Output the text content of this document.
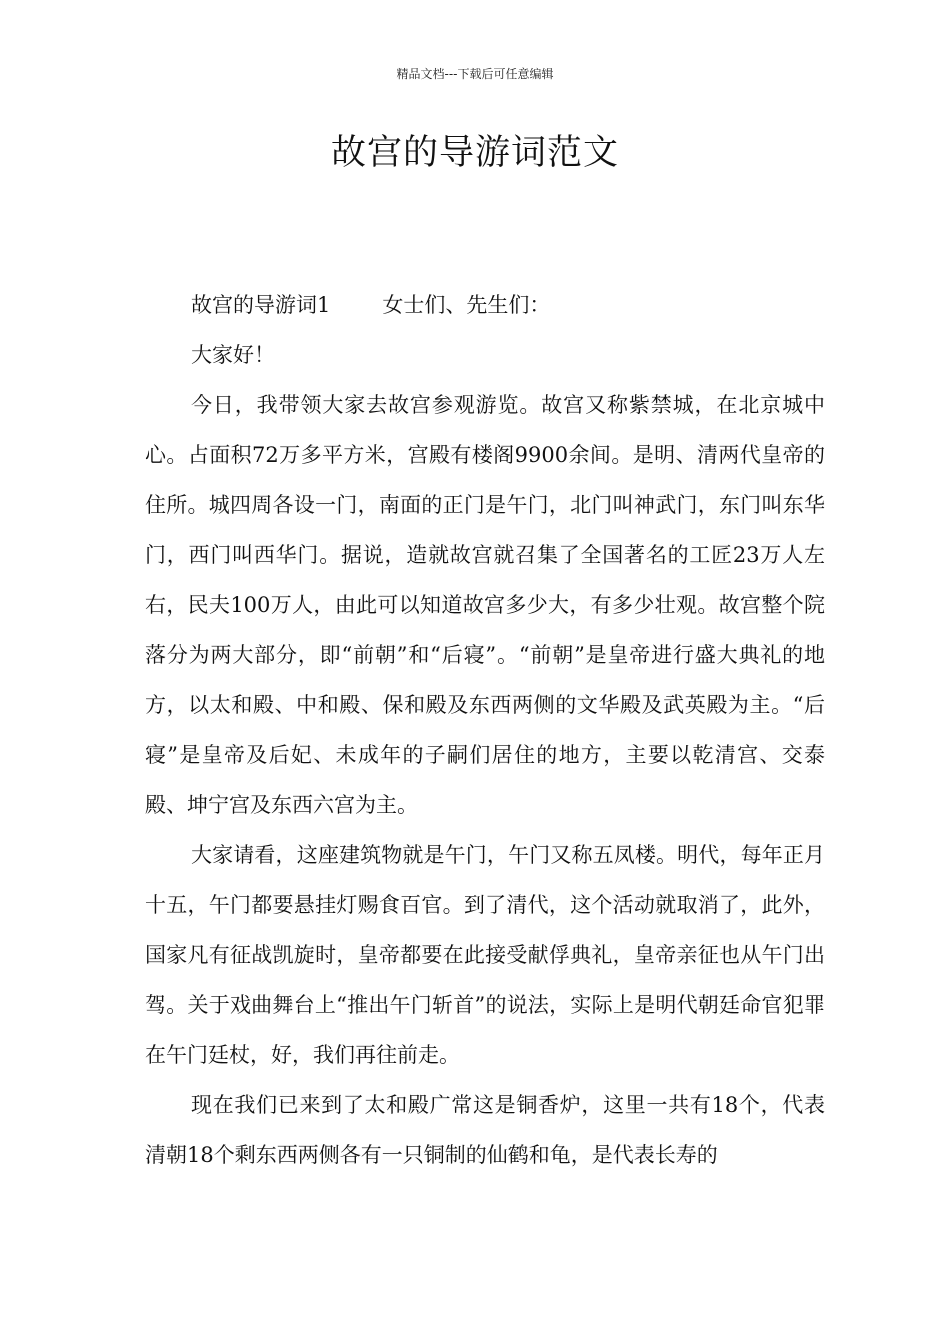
精品文档---下载后可任意编辑
故宫的导游词范文

故宫的导游词1 女士们、先生们：

大家好！

今日，我带领大家去故宫参观游览。故宫又称紫禁城，在北京城中心。占面积72万多平方米，宫殿有楼阁9900余间。是明、清两代皇帝的住所。城四周各设一门，南面的正门是午门，北门叫神武门，东门叫东华门，西门叫西华门。据说，造就故宫就召集了全国著名的工匠23万人左右，民夫100万人，由此可以知道故宫多少大，有多少壮观。故宫整个院落分为两大部分，即“前朝”和“后寝”。“前朝”是皇帝进行盛大典礼的地方，以太和殿、中和殿、保和殿及东西两侧的文华殿及武英殿为主。“后寝”是皇帝及后妃、未成年的子嗣们居住的地方，主要以乾清宫、交泰殿、坤宁宫及东西六宫为主。

大家请看，这座建筑物就是午门，午门又称五凤楼。明代，每年正月十五，午门都要悬挂灯赐食百官。到了清代，这个活动就取消了，此外，国家凡有征战凯旋时，皇帝都要在此接受献俘典礼，皇帝亲征也从午门出驾。关于戏曲舞台上“推出午门斩首”的说法，实际上是明代朝廷命官犯罪在午门廷杖，好，我们再往前走。

现在我们已来到了太和殿广常这是铜香炉，这里一共有18个，代表清朝18个剩东西两侧各有一只铜制的仙鹤和龟，是代表长寿的
